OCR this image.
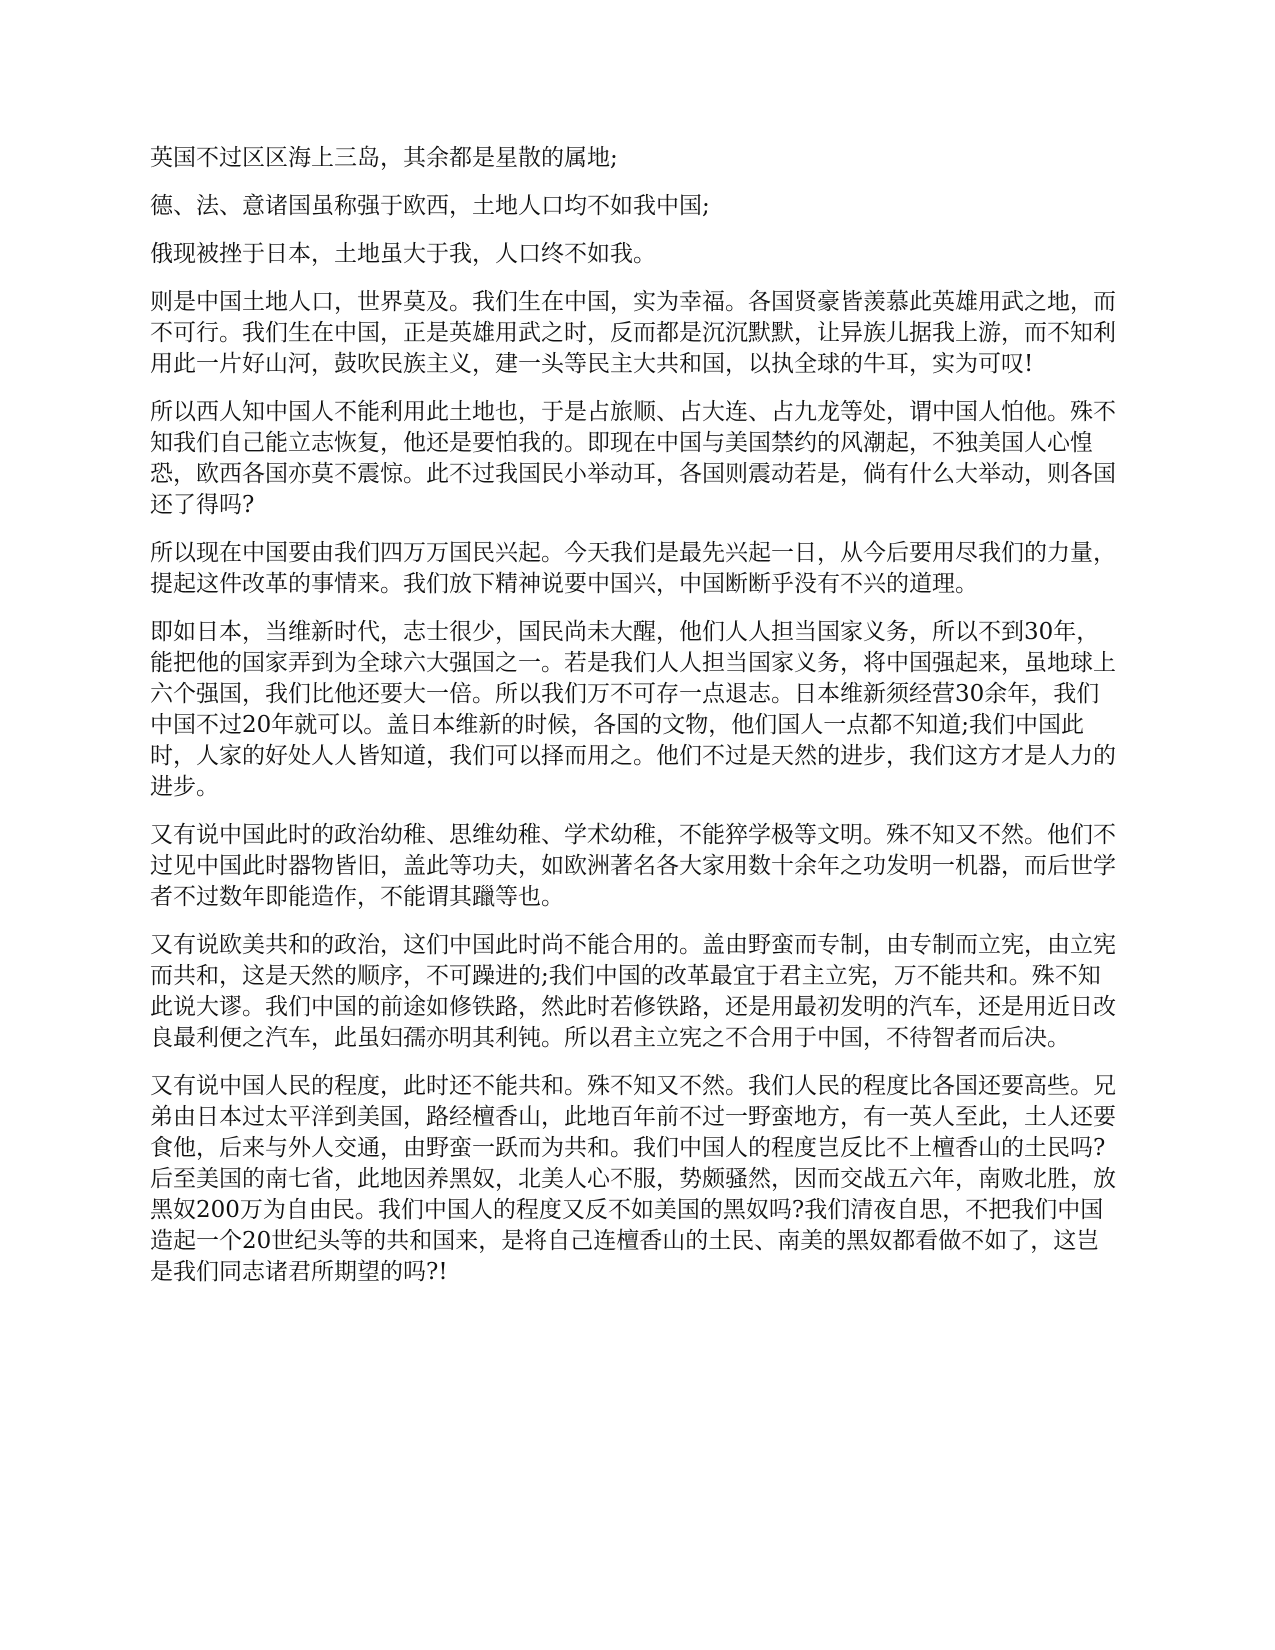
英国不过区区海上三岛，其余都是星散的属地;

德、法、意诸国虽称强于欧西，土地人口均不如我中国;

俄现被挫于日本，土地虽大于我，人口终不如我。

则是中国土地人口，世界莫及。我们生在中国，实为幸福。各国贤豪皆羡慕此英雄用武之地，而不可行。我们生在中国，正是英雄用武之时，反而都是沉沉默默，让异族儿据我上游，而不知利用此一片好山河，鼓吹民族主义，建一头等民主大共和国，以执全球的牛耳，实为可叹!

所以西人知中国人不能利用此土地也，于是占旅顺、占大连、占九龙等处，谓中国人怕他。殊不知我们自己能立志恢复，他还是要怕我的。即现在中国与美国禁约的风潮起，不独美国人心惶恐，欧西各国亦莫不震惊。此不过我国民小举动耳，各国则震动若是，倘有什么大举动，则各国还了得吗?

所以现在中国要由我们四万万国民兴起。今天我们是最先兴起一日，从今后要用尽我们的力量，提起这件改革的事情来。我们放下精神说要中国兴，中国断断乎没有不兴的道理。

即如日本，当维新时代，志士很少，国民尚未大醒，他们人人担当国家义务，所以不到30年，能把他的国家弄到为全球六大强国之一。若是我们人人担当国家义务，将中国强起来，虽地球上六个强国，我们比他还要大一倍。所以我们万不可存一点退志。日本维新须经营30余年，我们中国不过20年就可以。盖日本维新的时候，各国的文物，他们国人一点都不知道;我们中国此时，人家的好处人人皆知道，我们可以择而用之。他们不过是天然的进步，我们这方才是人力的进步。

又有说中国此时的政治幼稚、思维幼稚、学术幼稚，不能猝学极等文明。殊不知又不然。他们不过见中国此时器物皆旧，盖此等功夫，如欧洲著名各大家用数十余年之功发明一机器，而后世学者不过数年即能造作，不能谓其躐等也。

又有说欧美共和的政治，这们中国此时尚不能合用的。盖由野蛮而专制，由专制而立宪，由立宪而共和，这是天然的顺序，不可躁进的;我们中国的改革最宜于君主立宪，万不能共和。殊不知此说大谬。我们中国的前途如修铁路，然此时若修铁路，还是用最初发明的汽车，还是用近日改良最利便之汽车，此虽妇孺亦明其利钝。所以君主立宪之不合用于中国，不待智者而后决。

又有说中国人民的程度，此时还不能共和。殊不知又不然。我们人民的程度比各国还要高些。兄弟由日本过太平洋到美国，路经檀香山，此地百年前不过一野蛮地方，有一英人至此，土人还要食他，后来与外人交通，由野蛮一跃而为共和。我们中国人的程度岂反比不上檀香山的土民吗?后至美国的南七省，此地因养黑奴，北美人心不服，势颇骚然，因而交战五六年，南败北胜，放黑奴200万为自由民。我们中国人的程度又反不如美国的黑奴吗?我们清夜自思，不把我们中国造起一个20世纪头等的共和国来，是将自己连檀香山的土民、南美的黑奴都看做不如了，这岂是我们同志诸君所期望的吗?!
